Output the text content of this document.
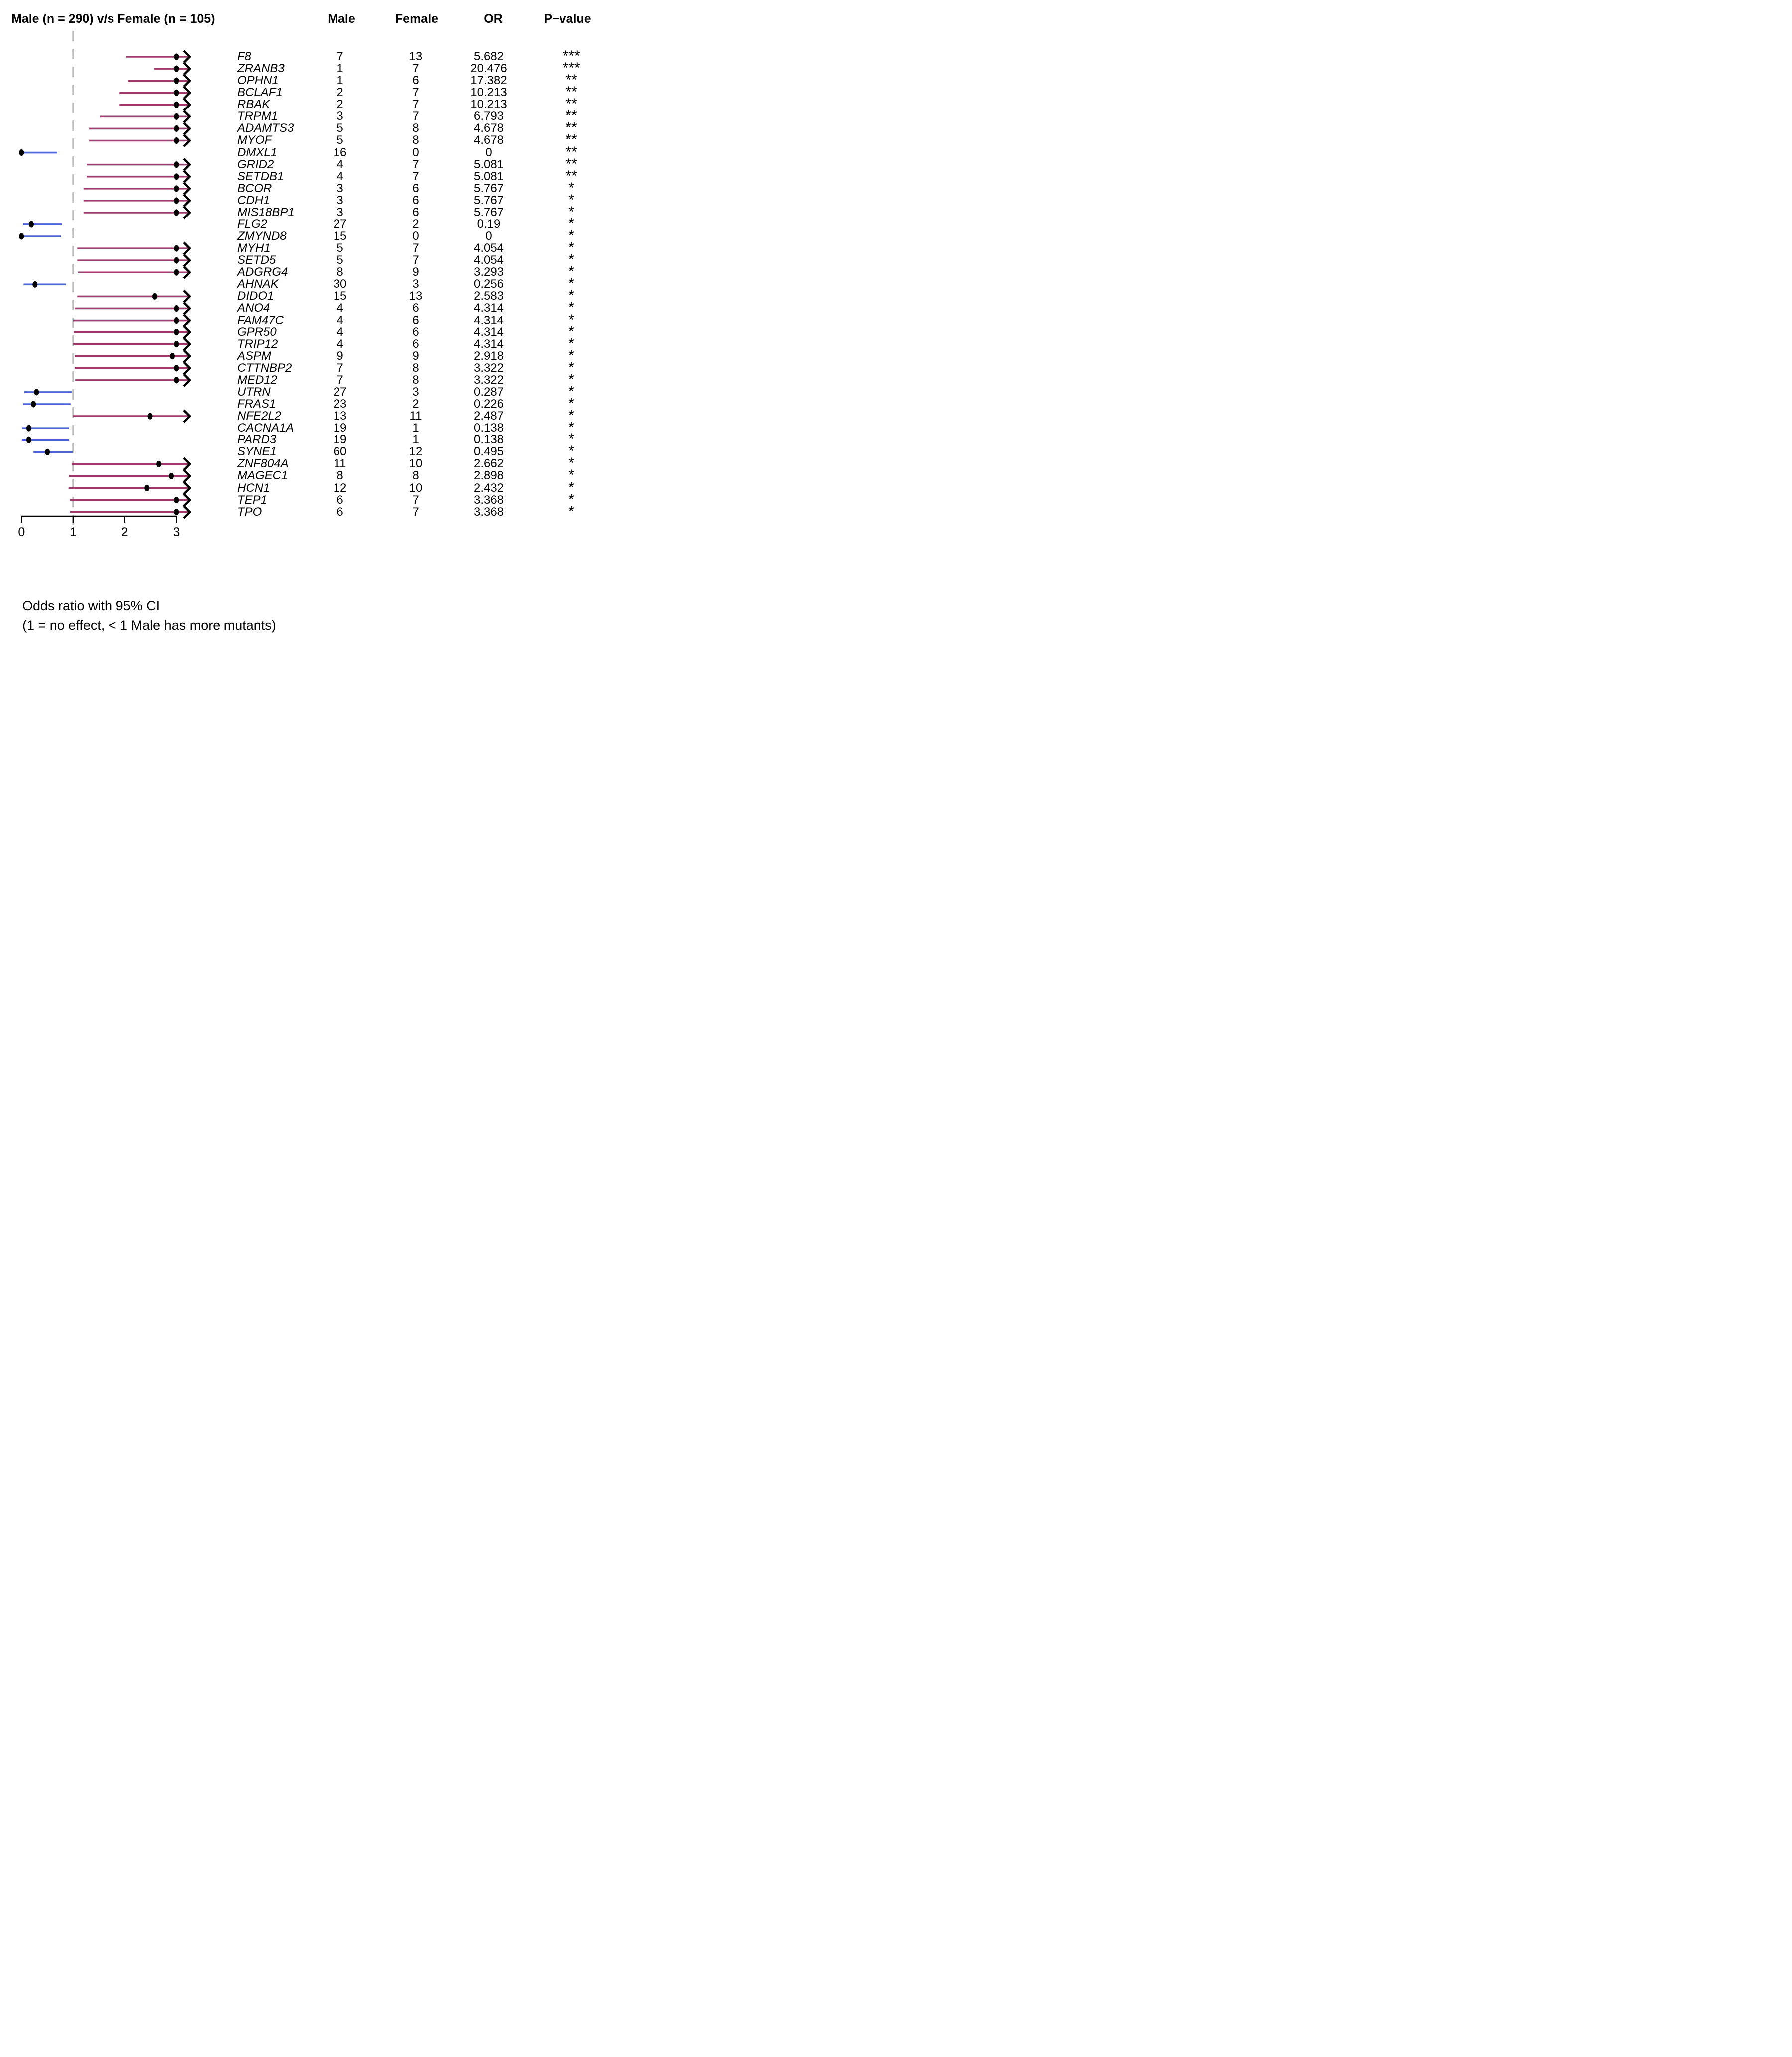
Male (n = 290) v/s Female (n = 105)	Male	Female	OR	P−value
0	1	2	3
F8	7	13	5.682	***
ZRANB3	1	7	20.476	***
OPHN1	1	6	17.382	**
BCLAF1	2	7	10.213	**
RBAK	2	7	10.213	**
TRPM1	3	7	6.793	**
ADAMTS3	5	8	4.678	**
MYOF	5	8	4.678	**
DMXL1	16	0	0	**
GRID2	4	7	5.081	**
SETDB1	4	7	5.081	**
BCOR	3	6	5.767	*
CDH1	3	6	5.767	*
MIS18BP1	3	6	5.767	*
FLG2	27	2	0.19	*
ZMYND8	15	0	0	*
MYH1	5	7	4.054	*
SETD5	5	7	4.054	*
ADGRG4	8	9	3.293	*
AHNAK	30	3	0.256	*
DIDO1	15	13	2.583	*
ANO4	4	6	4.314	*
FAM47C	4	6	4.314	*
GPR50	4	6	4.314	*
TRIP12	4	6	4.314	*
ASPM	9	9	2.918	*
CTTNBP2	7	8	3.322	*
MED12	7	8	3.322	*
UTRN	27	3	0.287	*
FRAS1	23	2	0.226	*
NFE2L2	13	11	2.487	*
CACNA1A	19	1	0.138	*
PARD3	19	1	0.138	*
SYNE1	60	12	0.495	*
ZNF804A	11	10	2.662	*
MAGEC1	8	8	2.898	*
HCN1	12	10	2.432	*
TEP1	6	7	3.368	*
TPO	6	7	3.368	*
Odds ratio with 95% CI
(1 = no effect, < 1 Male has more mutants)
